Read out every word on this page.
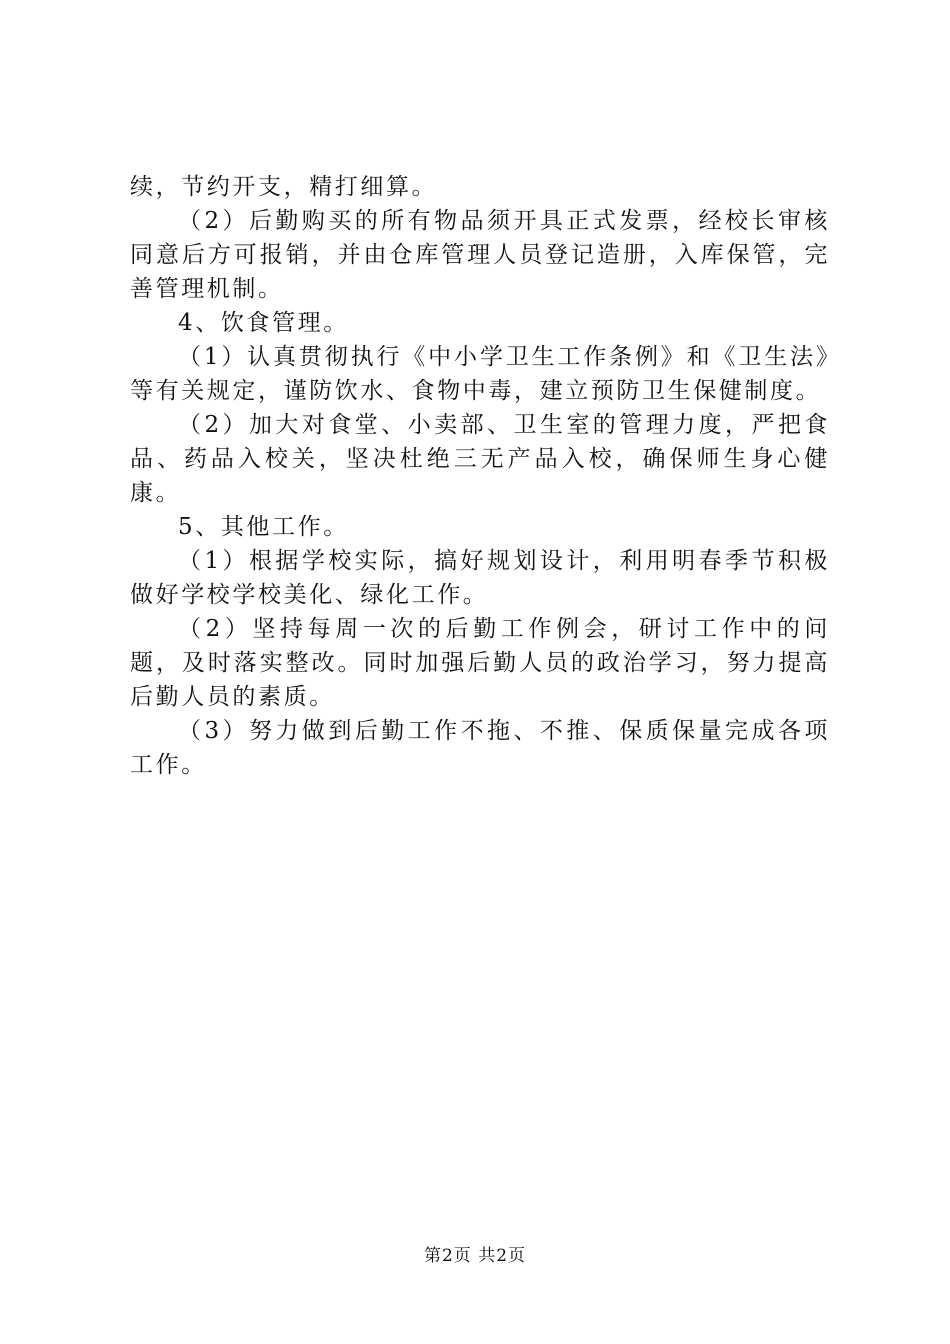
续，节约开支，精打细算。

（2）后勤购买的所有物品须开具正式发票，经校长审核同意后方可报销，并由仓库管理人员登记造册，入库保管，完善管理机制。

4、饮食管理。

（1）认真贯彻执行《中小学卫生工作条例》和《卫生法》等有关规定，谨防饮水、食物中毒，建立预防卫生保健制度。

（2）加大对食堂、小卖部、卫生室的管理力度，严把食品、药品入校关，坚决杜绝三无产品入校，确保师生身心健康。

5、其他工作。

（1）根据学校实际，搞好规划设计，利用明春季节积极做好学校学校美化、绿化工作。

（2）坚持每周一次的后勤工作例会，研讨工作中的问题，及时落实整改。同时加强后勤人员的政治学习，努力提高后勤人员的素质。

（3）努力做到后勤工作不拖、不推、保质保量完成各项工作。

第2页 共2页
